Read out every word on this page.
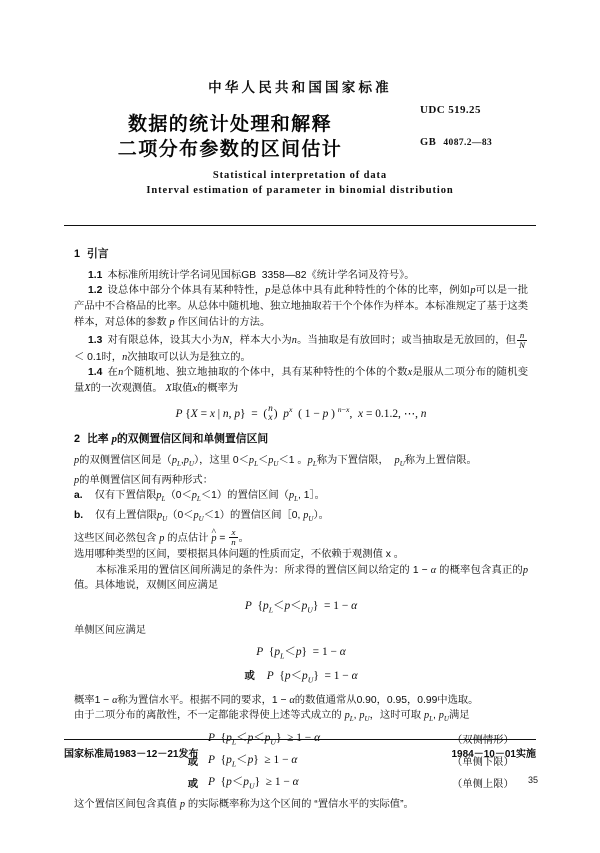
中华人民共和国国家标准
数据的统计处理和解释
二项分布参数的区间估计
UDC 519.25
GB 4087.2—83
Statistical interpretation of data
Interval estimation of parameter in binomial distribution
1 引言

1.1 本标准所用统计学名词见国标GB  3358—82《统计学名词及符号》。

1.2 设总体中部分个体具有某种特性，p是总体中具有此种特性的个体的比率，例如p可以是一批产品中不合格品的比率。从总体中随机地、独立地抽取若干个个体作为样本。本标准规定了基于这类样本，对总体的参数 p 作区间估计的方法。

1.3 对有限总体，设其大小为N，样本大小为n。当抽取是有放回时；或当抽取是无放回的，但 $\frac{n}{N}$
＜ 0.1时，n次抽取可以认为是独立的。

1.4 在n个随机地、独立地抽取的个体中，具有某种特性的个体的个数x是服从二项分布的随机变量X的一次观测值。 X取值x的概率为

P {X = x | n, p}  =  ( n
x )  $p^x$  ( 1 − p ) $^{n-x}$,  x = 0.1.2, ⋯, n
2 比率 p的双侧置信区间和单侧置信区间

p的双侧置信区间是$(p_L,p_U)$，这里 $0<p_L<p_U<1$ 。$p_L$称为下置信限，  $p_U$称为上置信限。

p的单侧置信区间有两种形式：

a. 仅有下置信限$p_L(0<p_L<1)$的置信区间（$p_L$, 1］。

b. 仅有上置信限$p_U(0<p_U<1)$的置信区间［0, $p_U$）。

这些区间必然包含 p 的点估计 p ^ = $\frac{x}{n}$ 。

选用哪种类型的区间，要根据具体问题的性质而定，不依赖于观测值 x 。

本标准采用的置信区间所满足的条件为：所求得的置信区间以给定的 1 − α 的概率包含真正的p值。具体地说，双侧区间应满足

P  $\{p_L<p<p_U\} = 1 - \alpha$

单侧区间应满足

P  $\{p_L<p\} = 1 - \alpha$
或 P  $\{p<p_U\} = 1 - \alpha$

概率1 − α称为置信水平。根据不同的要求，1 − α的数值通常从0.90，0.95，0.99中选取。

由于二项分布的离散性，不一定都能求得使上述等式成立的 $p_L$, $p_U$，这时可取 $p_L$, $p_U$满足

P  $\{p_L<p<p_U\} \ge 1 - \alpha$	（双侧情形）
或 P  $\{p_L<p\} \ge 1 - \alpha$	（单侧下限）
或 P  $\{p<p_U\} \ge 1 - \alpha$	（单侧上限）

这个置信区间包含真值 p 的实际概率称为这个区间的 “置信水平的实际值”。

国家标准局1983－12－21发布	1984－10－01实施
35
